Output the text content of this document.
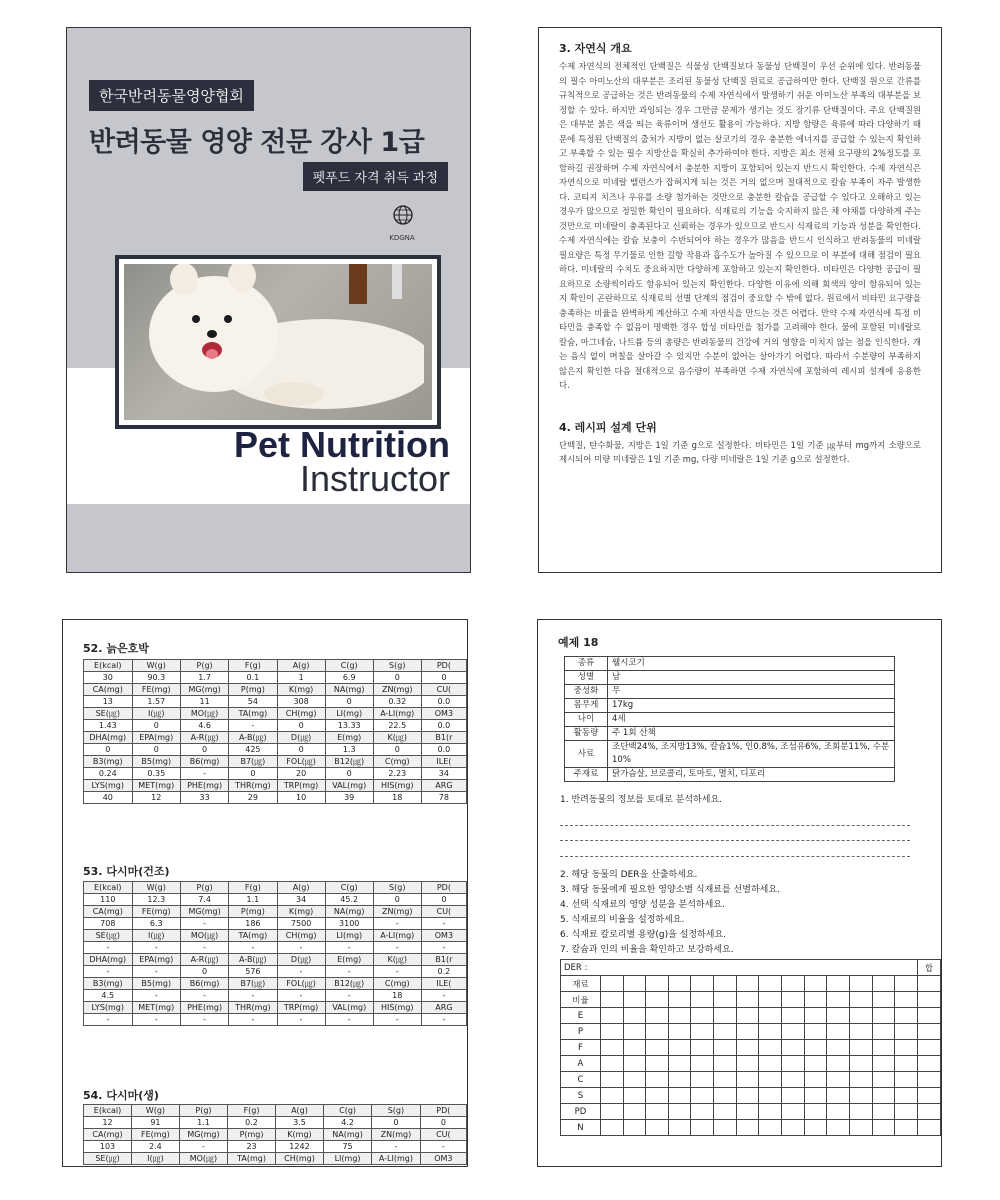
한국반려동물영양협회
반려동물 영양 전문 강사 1급
펫푸드 자격 취득 과정
KDGNA
Pet Nutrition
Instructor

3. 자연식 개요

수제 자연식의 전체적인 단백질은 식물성 단백질보다 동물성 단백질이 우선 순위에 있다. 반려동물의 필수 아미노산의 대부분은 조리된 동물성 단백질 원료로 공급하여만 한다. 단백질 원으로 간류를 규칙적으로 공급하는 것은 반려동물의 수제 자연식에서 발생하기 쉬운 아미노산 부족의 대부분을 보정할 수 있다. 하지만 과잉되는 경우 그만큼 문제가 생기는 것도 장기류 단백질이다. 주요 단백질원은 대부분 붉은 색을 띄는 육류이며 생선도 활용이 가능하다. 지방 함량은 육류에 따라 다양하기 때문에 특정된 단백질의 출처가 지방이 없는 살코기의 경우 충분한 에너지를 공급할 수 있는지 확인하고 부족할 수 있는 필수 지방산을 확실히 추가하여야 한다. 지방은 최소 전체 요구량의 2%정도를 포함하길 권장하며 수제 자연식에서 충분한 지방이 포함되어 있는지 반드시 확인한다. 수제 자연식은 자연식으로 미네랄 밸런스가 잡혀지게 되는 것은 거의 없으며 절대적으로 칼슘 부족이 자주 발생한다. 코티지 치즈나 우유를 소량 첨가하는 것만으로 충분한 칼슘을 공급할 수 있다고 오해하고 있는 경우가 많으므로 정밀한 확인이 필요하다. 식재료의 기능을 숙지하지 않은 채 야채를 다양하게 주는 것만으로 미네랄이 충족된다고 신뢰하는 경우가 있으므로 반드시 식재료의 기능과 성분을 확인한다. 수제 자연식에는 칼슘 보충이 수반되어야 하는 경우가 많음을 반드시 인식하고 반려동물의 미네랄 필요량은 특정 무기물로 인한 길항 작용과 흡수도가 높아질 수 있으므로 이 부분에 대해 점검이 필요하다. 미네랄의 수치도 중요하지만 다양하게 포함하고 있는지 확인한다. 비타민은 다양한 공급이 필요하므로 소량씩이라도 함유되어 있는지 확인한다. 다양한 이유에 의해 회색의 양이 함유되어 있는지 확인이 곤란하므로 식재료의 선별 단계의 점검이 중요할 수 밖에 없다. 원료에서 비타민 요구량을 충족하는 비율을 완벽하게 계산하고 수제 자연식을 만드는 것은 어렵다. 만약 수제 자연식에 특정 비타민을 충족할 수 없음이 명백한 경우 합성 비타민을 첨가를 고려해야 한다. 물에 포함된 미네랄로 칼슘, 마그네슘, 나트륨 등의 총량은 반려동물의 건강에 거의 영향을 미치지 않는 점을 인식한다. 개는 음식 없이 며칠을 살아갈 수 있지만 수분이 없어는 살아가기 어렵다. 따라서 수분량이 부족하지 않은지 확인한 다음 절대적으로 음수량이 부족하면 수제 자연식에 포함하여 레시피 설계에 응용한다.

4. 레시피 설계 단위

단백질, 탄수화물, 지방은 1일 기준 g으로 설정한다. 비타민은 1일 기준 ㎍부터 mg까지 소량으로 제시되어 미량 미네랄은 1일 기준 mg, 다량 미네랄은 1일 기준 g으로 설정한다.

52. 늙은호박
E(kcal)	W(g)	P(g)	F(g)	A(g)	C(g)	S(g)	PD(
30	90.3	1.7	0.1	1	6.9	0	0
CA(mg)	FE(mg)	MG(mg)	P(mg)	K(mg)	NA(mg)	ZN(mg)	CU(
13	1.57	11	54	308	0	0.32	0.0
SE(㎍)	I(㎍)	MO(㎍)	TA(mg)	CH(mg)	LI(mg)	A-LI(mg)	OM3
1.43	0	4.6	-	0	13.33	22.5	0.0
DHA(mg)	EPA(mg)	A-R(㎍)	A-B(㎍)	D(㎍)	E(mg)	K(㎍)	B1(r
0	0	0	425	0	1.3	0	0.0
B3(mg)	B5(mg)	B6(mg)	B7(㎍)	FOL(㎍)	B12(㎍)	C(mg)	ILE(
0.24	0.35	-	0	20	0	2.23	34
LYS(mg)	MET(mg)	PHE(mg)	THR(mg)	TRP(mg)	VAL(mg)	HIS(mg)	ARG
40	12	33	29	10	39	18	78
53. 다시마(건조)
E(kcal)	W(g)	P(g)	F(g)	A(g)	C(g)	S(g)	PD(
110	12.3	7.4	1.1	34	45.2	0	0
CA(mg)	FE(mg)	MG(mg)	P(mg)	K(mg)	NA(mg)	ZN(mg)	CU(
708	6.3	-	186	7500	3100	-	-
SE(㎍)	I(㎍)	MO(㎍)	TA(mg)	CH(mg)	LI(mg)	A-LI(mg)	OM3
-	-	-	-	-	-	-	-
DHA(mg)	EPA(mg)	A-R(㎍)	A-B(㎍)	D(㎍)	E(mg)	K(㎍)	B1(r
-	-	0	576	-	-	-	0.2
B3(mg)	B5(mg)	B6(mg)	B7(㎍)	FOL(㎍)	B12(㎍)	C(mg)	ILE(
4.5	-	-	-	-	-	18	-
LYS(mg)	MET(mg)	PHE(mg)	THR(mg)	TRP(mg)	VAL(mg)	HIS(mg)	ARG
-	-	-	-	-	-	-	-
54. 다시마(생)
E(kcal)	W(g)	P(g)	F(g)	A(g)	C(g)	S(g)	PD(
12	91	1.1	0.2	3.5	4.2	0	0
CA(mg)	FE(mg)	MG(mg)	P(mg)	K(mg)	NA(mg)	ZN(mg)	CU(
103	2.4	-	23	1242	75	-	-
SE(㎍)	I(㎍)	MO(㎍)	TA(mg)	CH(mg)	LI(mg)	A-LI(mg)	OM3
예제 18
종류	웰시코기
성별	남
중성화	무
몸무게	17kg
나이	4세
활동량	주 1회 산책
사료	조단백24%, 조지방13%, 칼슘1%, 인0.8%, 조섬유6%, 조회분11%, 수분10%
주재료	닭가슴살, 브로콜리, 토마토, 멸치, 디포리
1. 반려동물의 정보를 토대로 분석하세요.
2. 해당 동물의 DER을 산출하세요.
3. 해당 동물에게 필요한 영양소별 식재료를 선별하세요.
4. 선택 식재료의 영양 성분을 분석하세요.
5. 식재료의 비율을 설정하세요.
6. 식재료 칼로리별 용량(g)을 설정하세요.
7. 칼슘과 인의 비율을 확인하고 보강하세요.
DER :															합
재료															
비율															
E															
P															
F															
A															
C															
S															
PD															
N															
